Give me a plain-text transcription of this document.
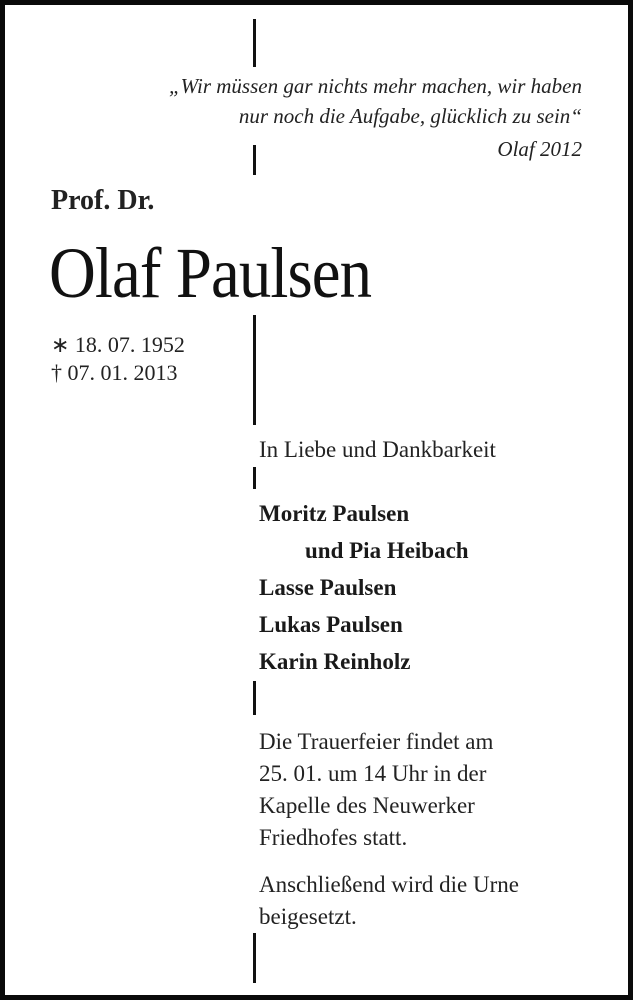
„Wir müssen gar nichts mehr machen, wir haben
nur noch die Aufgabe, glücklich zu sein“
Olaf 2012
Prof. Dr.
Olaf Paulsen
∗ 18. 07. 1952
† 07. 01. 2013
In Liebe und Dankbarkeit
Moritz Paulsen
und Pia Heibach
Lasse Paulsen
Lukas Paulsen
Karin Reinholz
Die Trauerfeier findet am
25. 01. um 14 Uhr in der
Kapelle des Neuwerker
Friedhofes statt.
Anschließend wird die Urne
beigesetzt.
